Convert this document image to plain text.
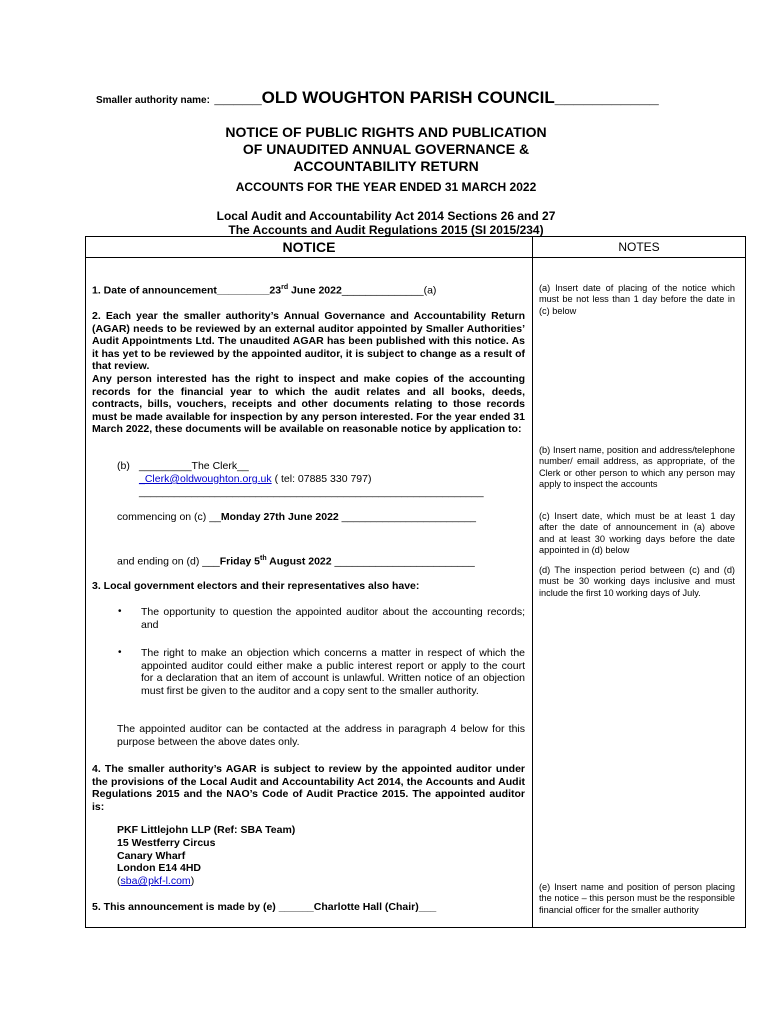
Smaller authority name: _____OLD WOUGHTON PARISH COUNCIL___________
NOTICE OF PUBLIC RIGHTS AND PUBLICATION
OF UNAUDITED ANNUAL GOVERNANCE &
ACCOUNTABILITY RETURN
ACCOUNTS FOR THE YEAR ENDED 31 MARCH 2022
Local Audit and Accountability Act 2014 Sections 26 and 27
The Accounts and Audit Regulations 2015 (SI 2015/234)
NOTICE	NOTES
1. Date of announcement_________23rd June 2022______________(a)

2. Each year the smaller authority’s Annual Governance and Accountability Return (AGAR) needs to be reviewed by an external auditor appointed by Smaller Authorities’ Audit Appointments Ltd. The unaudited AGAR has been published with this notice. As it has yet to be reviewed by the appointed auditor, it is subject to change as a result of that review.

Any person interested has the right to inspect and make copies of the accounting records for the financial year to which the audit relates and all books, deeds, contracts, bills, vouchers, receipts and other documents relating to those records must be made available for inspection by any person interested. For the year ended 31 March 2022, these documents will be available on reasonable notice by application to:

(b) _________The Clerk__
_Clerk@oldwoughton.org.uk ( tel: 07885 330 797)
___________________________________________________________
commencing on (c) __Monday 27th June 2022 _______________________
and ending on (d) ___Friday 5th August 2022 ________________________
3. Local government electors and their representatives also have:
• The opportunity to question the appointed auditor about the accounting records; and
• The right to make an objection which concerns a matter in respect of which the appointed auditor could either make a public interest report or apply to the court for a declaration that an item of account is unlawful. Written notice of an objection must first be given to the auditor and a copy sent to the smaller authority.
The appointed auditor can be contacted at the address in paragraph 4 below for this purpose between the above dates only.
4. The smaller authority’s AGAR is subject to review by the appointed auditor under the provisions of the Local Audit and Accountability Act 2014, the Accounts and Audit Regulations 2015 and the NAO’s Code of Audit Practice 2015. The appointed auditor is:
PKF Littlejohn LLP (Ref: SBA Team)
15 Westferry Circus
Canary Wharf
London E14 4HD
(sba@pkf-l.com)
5. This announcement is made by (e) ______Charlotte Hall (Chair)___
(a) Insert date of placing of the notice which must be not less than 1 day before the date in (c) below
(b) Insert name, position and address/telephone number/ email address, as appropriate, of the Clerk or other person to which any person may apply to inspect the accounts
(c) Insert date, which must be at least 1 day after the date of announcement in (a) above and at least 30 working days before the date appointed in (d) below
(d) The inspection period between (c) and (d) must be 30 working days inclusive and must include the first 10 working days of July.
(e) Insert name and position of person placing the notice – this person must be the responsible financial officer for the smaller authority
